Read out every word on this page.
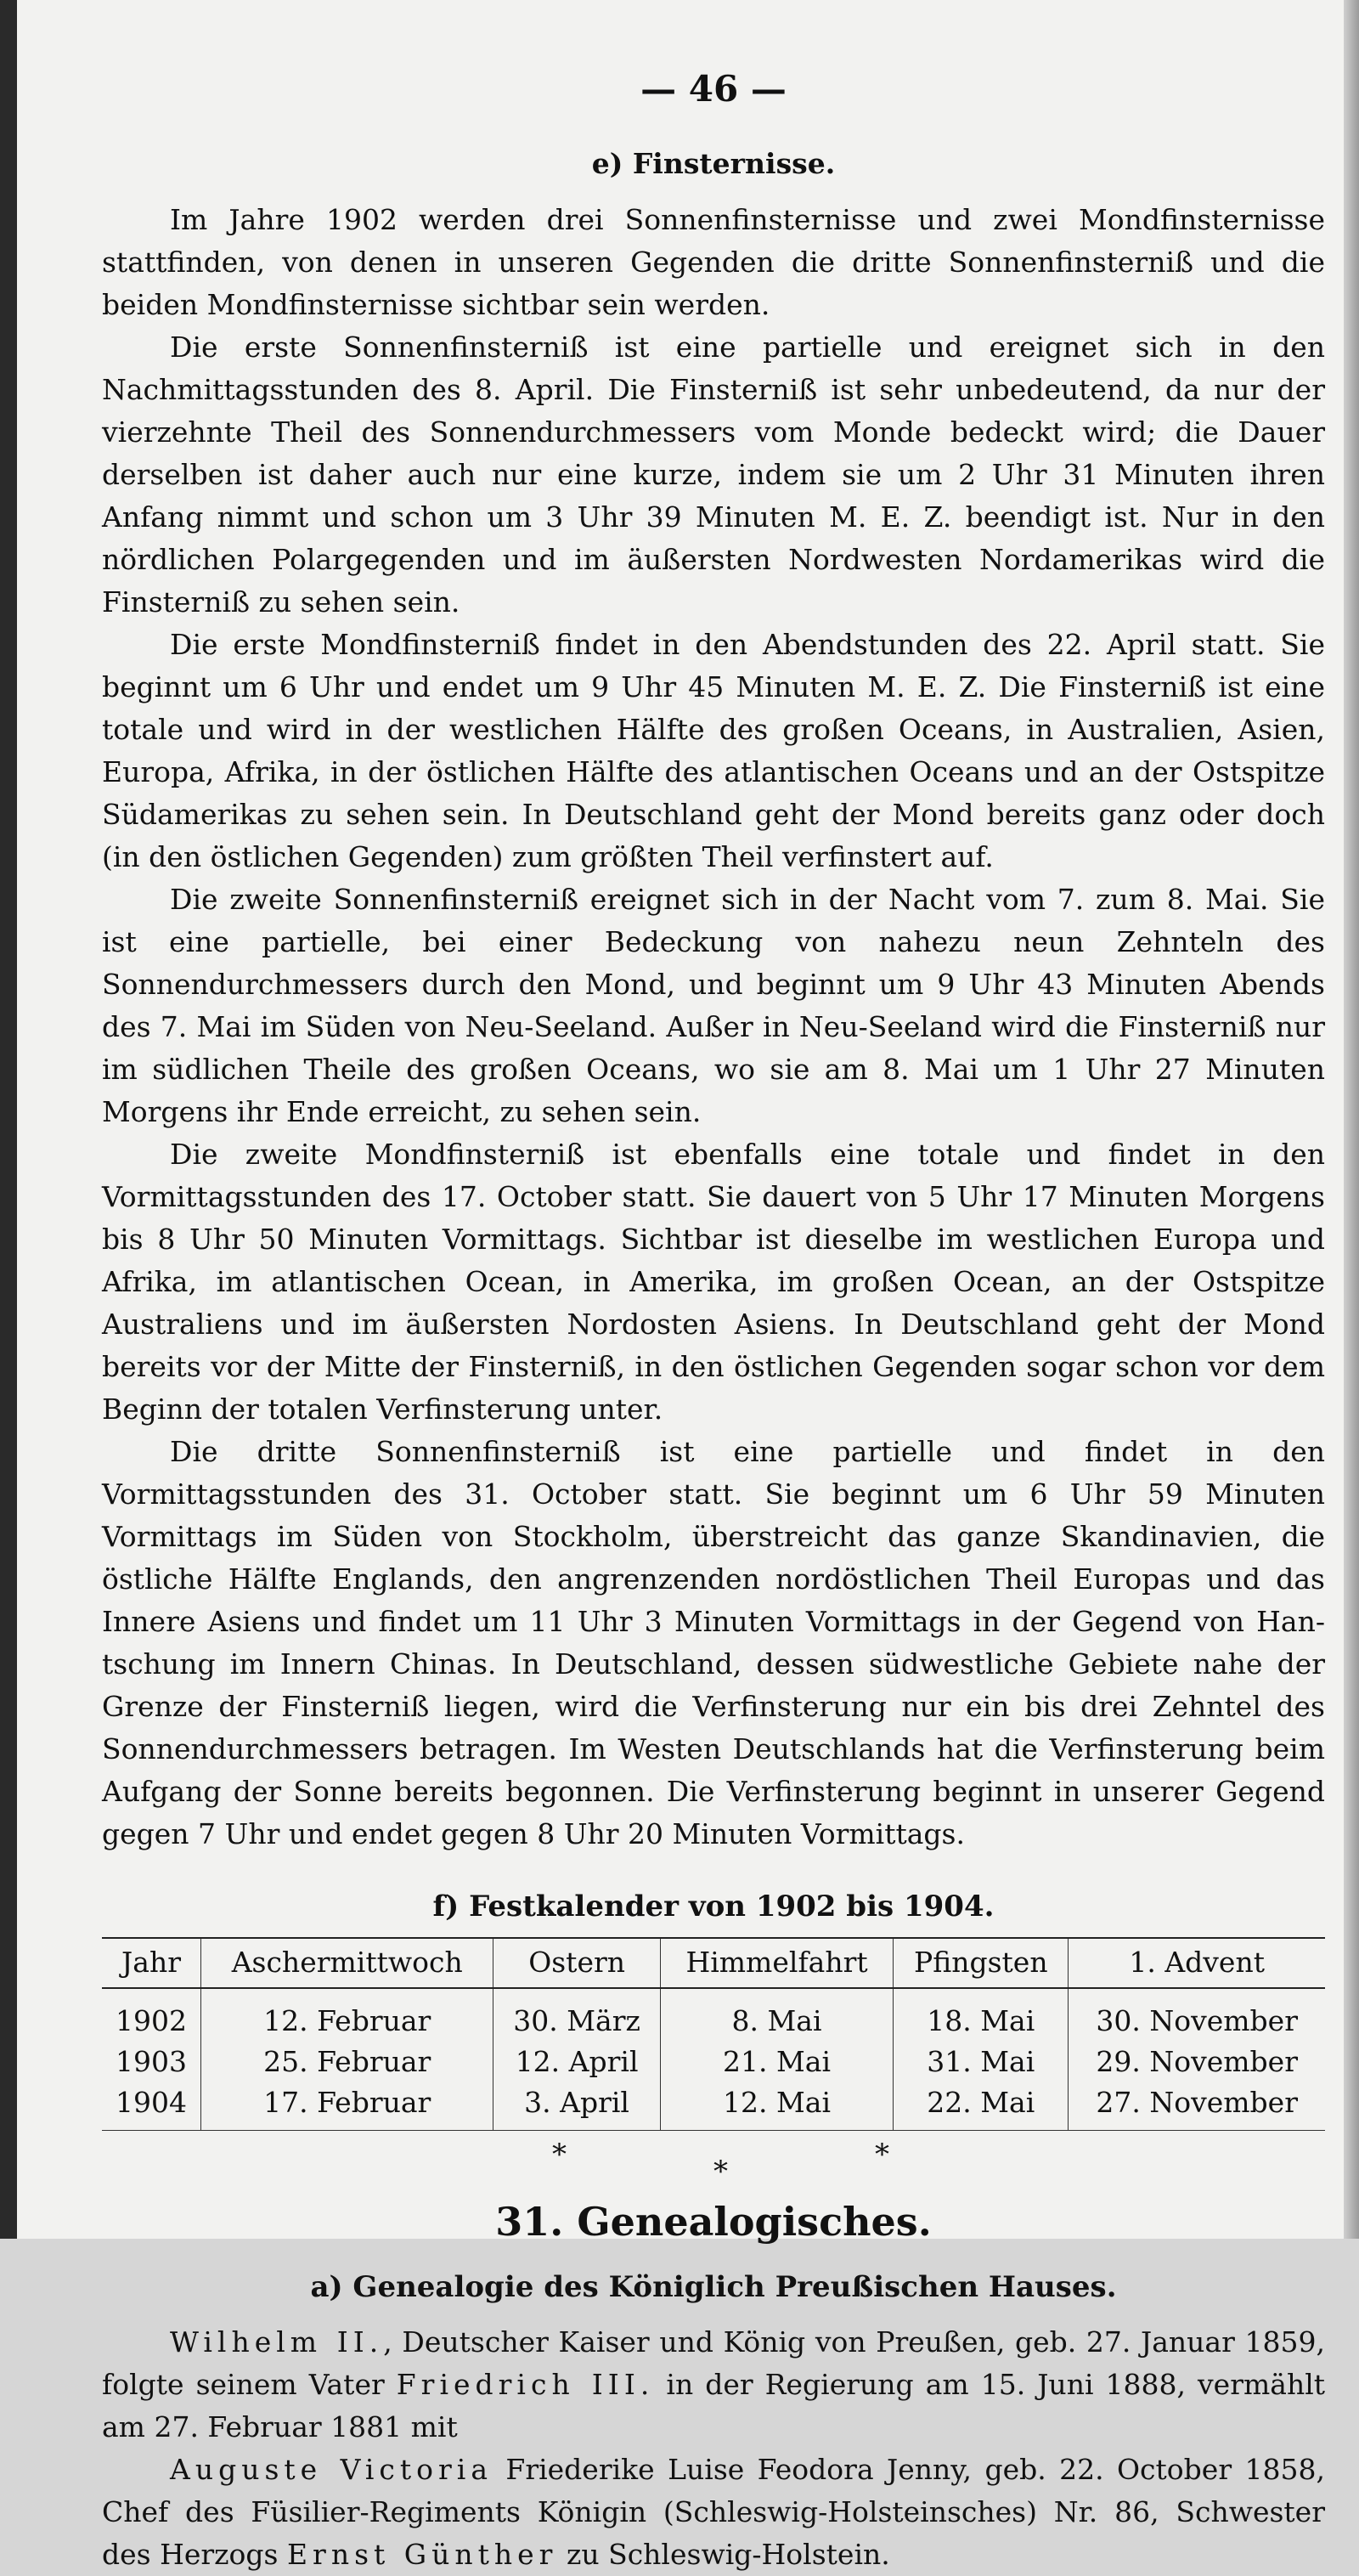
— 46 —
e) Finsternisse.

Im Jahre 1902 werden drei Sonnenfinsternisse und zwei Mondfinsternisse stattfinden, von denen in unseren Gegenden die dritte Sonnenfinsterniß und die beiden Mondfinsternisse sichtbar sein werden.

Die erste Sonnenfinsterniß ist eine partielle und ereignet sich in den Nachmittagsstunden des 8. April. Die Finsterniß ist sehr unbedeutend, da nur der vierzehnte Theil des Sonnendurchmessers vom Monde bedeckt wird; die Dauer derselben ist daher auch nur eine kurze, indem sie um 2 Uhr 31 Minuten ihren Anfang nimmt und schon um 3 Uhr 39 Minuten M. E. Z. beendigt ist. Nur in den nördlichen Polargegenden und im äußersten Nordwesten Nordamerikas wird die Finsterniß zu sehen sein.

Die erste Mondfinsterniß findet in den Abendstunden des 22. April statt. Sie beginnt um 6 Uhr und endet um 9 Uhr 45 Minuten M. E. Z. Die Finsterniß ist eine totale und wird in der westlichen Hälfte des großen Oceans, in Australien, Asien, Europa, Afrika, in der östlichen Hälfte des atlantischen Oceans und an der Ostspitze Südamerikas zu sehen sein. In Deutschland geht der Mond bereits ganz oder doch (in den östlichen Gegenden) zum größten Theil verfinstert auf.

Die zweite Sonnenfinsterniß ereignet sich in der Nacht vom 7. zum 8. Mai. Sie ist eine partielle, bei einer Bedeckung von nahezu neun Zehnteln des Sonnendurchmessers durch den Mond, und beginnt um 9 Uhr 43 Minuten Abends des 7. Mai im Süden von Neu-Seeland. Außer in Neu-Seeland wird die Finsterniß nur im südlichen Theile des großen Oceans, wo sie am 8. Mai um 1 Uhr 27 Minuten Morgens ihr Ende erreicht, zu sehen sein.

Die zweite Mondfinsterniß ist ebenfalls eine totale und findet in den Vormittagsstunden des 17. October statt. Sie dauert von 5 Uhr 17 Minuten Morgens bis 8 Uhr 50 Minuten Vormittags. Sichtbar ist dieselbe im westlichen Europa und Afrika, im atlantischen Ocean, in Amerika, im großen Ocean, an der Ostspitze Australiens und im äußersten Nordosten Asiens. In Deutschland geht der Mond bereits vor der Mitte der Finsterniß, in den östlichen Gegenden sogar schon vor dem Beginn der totalen Verfinsterung unter.

Die dritte Sonnenfinsterniß ist eine partielle und findet in den Vormittagsstunden des 31. October statt. Sie beginnt um 6 Uhr 59 Minuten Vormittags im Süden von Stockholm, überstreicht das ganze Skandinavien, die östliche Hälfte Englands, den angrenzenden nordöstlichen Theil Europas und das Innere Asiens und findet um 11 Uhr 3 Minuten Vormittags in der Gegend von Han-tschung im Innern Chinas. In Deutschland, dessen südwestliche Gebiete nahe der Grenze der Finsterniß liegen, wird die Verfinsterung nur ein bis drei Zehntel des Sonnendurchmessers betragen. Im Westen Deutschlands hat die Verfinsterung beim Aufgang der Sonne bereits begonnen. Die Verfinsterung beginnt in unserer Gegend gegen 7 Uhr und endet gegen 8 Uhr 20 Minuten Vormittags.

f) Festkalender von 1902 bis 1904.
Jahr	Aschermittwoch	Ostern	Himmelfahrt	Pfingsten	1. Advent
1902	12. Februar	30. März	8. Mai	18. Mai	30. November
1903	25. Februar	12. April	21. Mai	31. Mai	29. November
1904	17. Februar	3. April	12. Mai	22. Mai	27. November
*	*	*
31. Genealogisches.
a) Genealogie des Königlich Preußischen Hauses.

Wilhelm II., Deutscher Kaiser und König von Preußen, geb. 27. Januar 1859, folgte seinem Vater Friedrich III. in der Regierung am 15. Juni 1888, vermählt am 27. Februar 1881 mit

Auguste Victoria Friederike Luise Feodora Jenny, geb. 22. October 1858, Chef des Füsilier-Regiments Königin (Schleswig-Holsteinsches) Nr. 86, Schwester des Herzogs Ernst Günther zu Schleswig-Holstein.
